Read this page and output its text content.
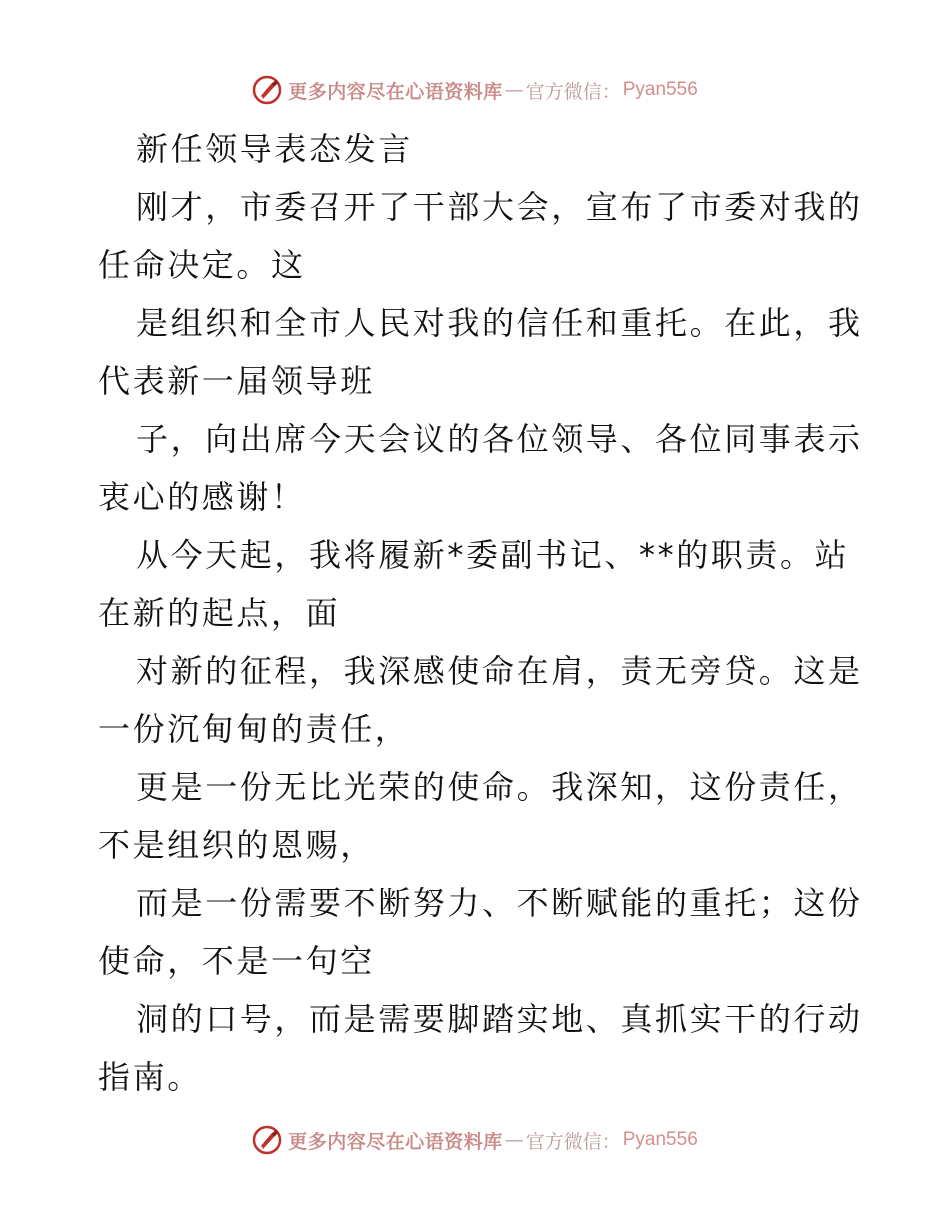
更多内容尽在心语资料库 — 官方微信： Pyan556
新任领导表态发言
刚才，市委召开了干部大会，宣布了市委对我的
任命决定。这
是组织和全市人民对我的信任和重托。在此，我
代表新一届领导班
子，向出席今天会议的各位领导、各位同事表示
衷心的感谢！
从今天起，我将履新*委副书记、**的职责。站
在新的起点，面
对新的征程，我深感使命在肩，责无旁贷。这是
一份沉甸甸的责任，
更是一份无比光荣的使命。我深知，这份责任，
不是组织的恩赐，
而是一份需要不断努力、不断赋能的重托；这份
使命，不是一句空
洞的口号，而是需要脚踏实地、真抓实干的行动
指南。
更多内容尽在心语资料库 — 官方微信： Pyan556
